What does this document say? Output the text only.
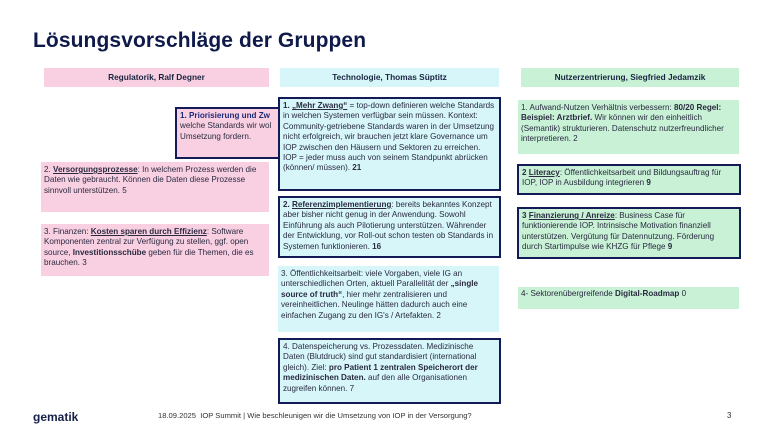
Lösungsvorschläge der Gruppen
Regulatorik, Ralf Degner	Technologie, Thomas Süptitz	Nutzerzentrierung, Siegfried Jedamzik
1. Priorisierung und Zw
welche Standards wir wol
Umsetzung fordern.
2. Versorgungsprozesse: In welchem Prozess werden die Daten wie gebraucht. Können die Daten diese Prozesse sinnvoll unterstützen. 5
3. Finanzen: Kosten sparen durch Effizienz: Software Komponenten zentral zur Verfügung zu stellen, ggf. open source, Investitionsschübe geben für die Themen, die es brauchen. 3
1. „Mehr Zwang“ = top-down definieren welche Standards in welchen Systemen verfügbar sein müssen. Kontext: Community-getriebene Standards waren in der Umsetzung nicht erfolgreich, wir brauchen jetzt klare Governance um IOP zwischen den Häusern und Sektoren zu erreichen. IOP = jeder muss auch von seinem Standpunkt abrücken (können/ müssen). 21
2. Referenzimplementierung: bereits bekanntes Konzept aber bisher nicht genug in der Anwendung. Sowohl Einführung als auch Pilotierung unterstützen. Währender der Entwicklung, vor Roll-out schon testen ob Standards in Systemen funktionieren. 16
3. Öffentlichkeitsarbeit: viele Vorgaben, viele IG an unterschiedlichen Orten, aktuell Parallelität der „single source of truth“, hier mehr zentralisieren und vereinheitlichen. Neulinge hätten dadurch auch eine einfachen Zugang zu den IG's / Artefakten. 2
4. Datenspeicherung vs. Prozessdaten. Medizinische Daten (Blutdruck) sind gut standardisiert (international gleich). Ziel: pro Patient 1 zentralen Speicherort der medizinischen Daten. auf den alle Organisationen zugreifen können. 7
1. Aufwand-Nutzen Verhältnis verbessern: 80/20 Regel: Beispiel: Arztbrief. Wir können wir den einheitlich (Semantik) strukturieren. Datenschutz nutzerfreundlicher interpretieren. 2
2 Literacy: Öffentlichkeitsarbeit und Bildungsauftrag für IOP, IOP in Ausbildung integrieren 9
3 Finanzierung / Anreize: Business Case für funktionierende IOP. Intrinsische Motivation finanziell unterstützen. Vergütung für Datennutzung. Förderung durch Startimpulse wie KHZG für Pflege 9
4- Sektorenübergreifende Digital-Roadmap 0
gematik	18.09.2025 IOP Summit | Wie beschleunigen wir die Umsetzung von IOP in der Versorgung?	3
